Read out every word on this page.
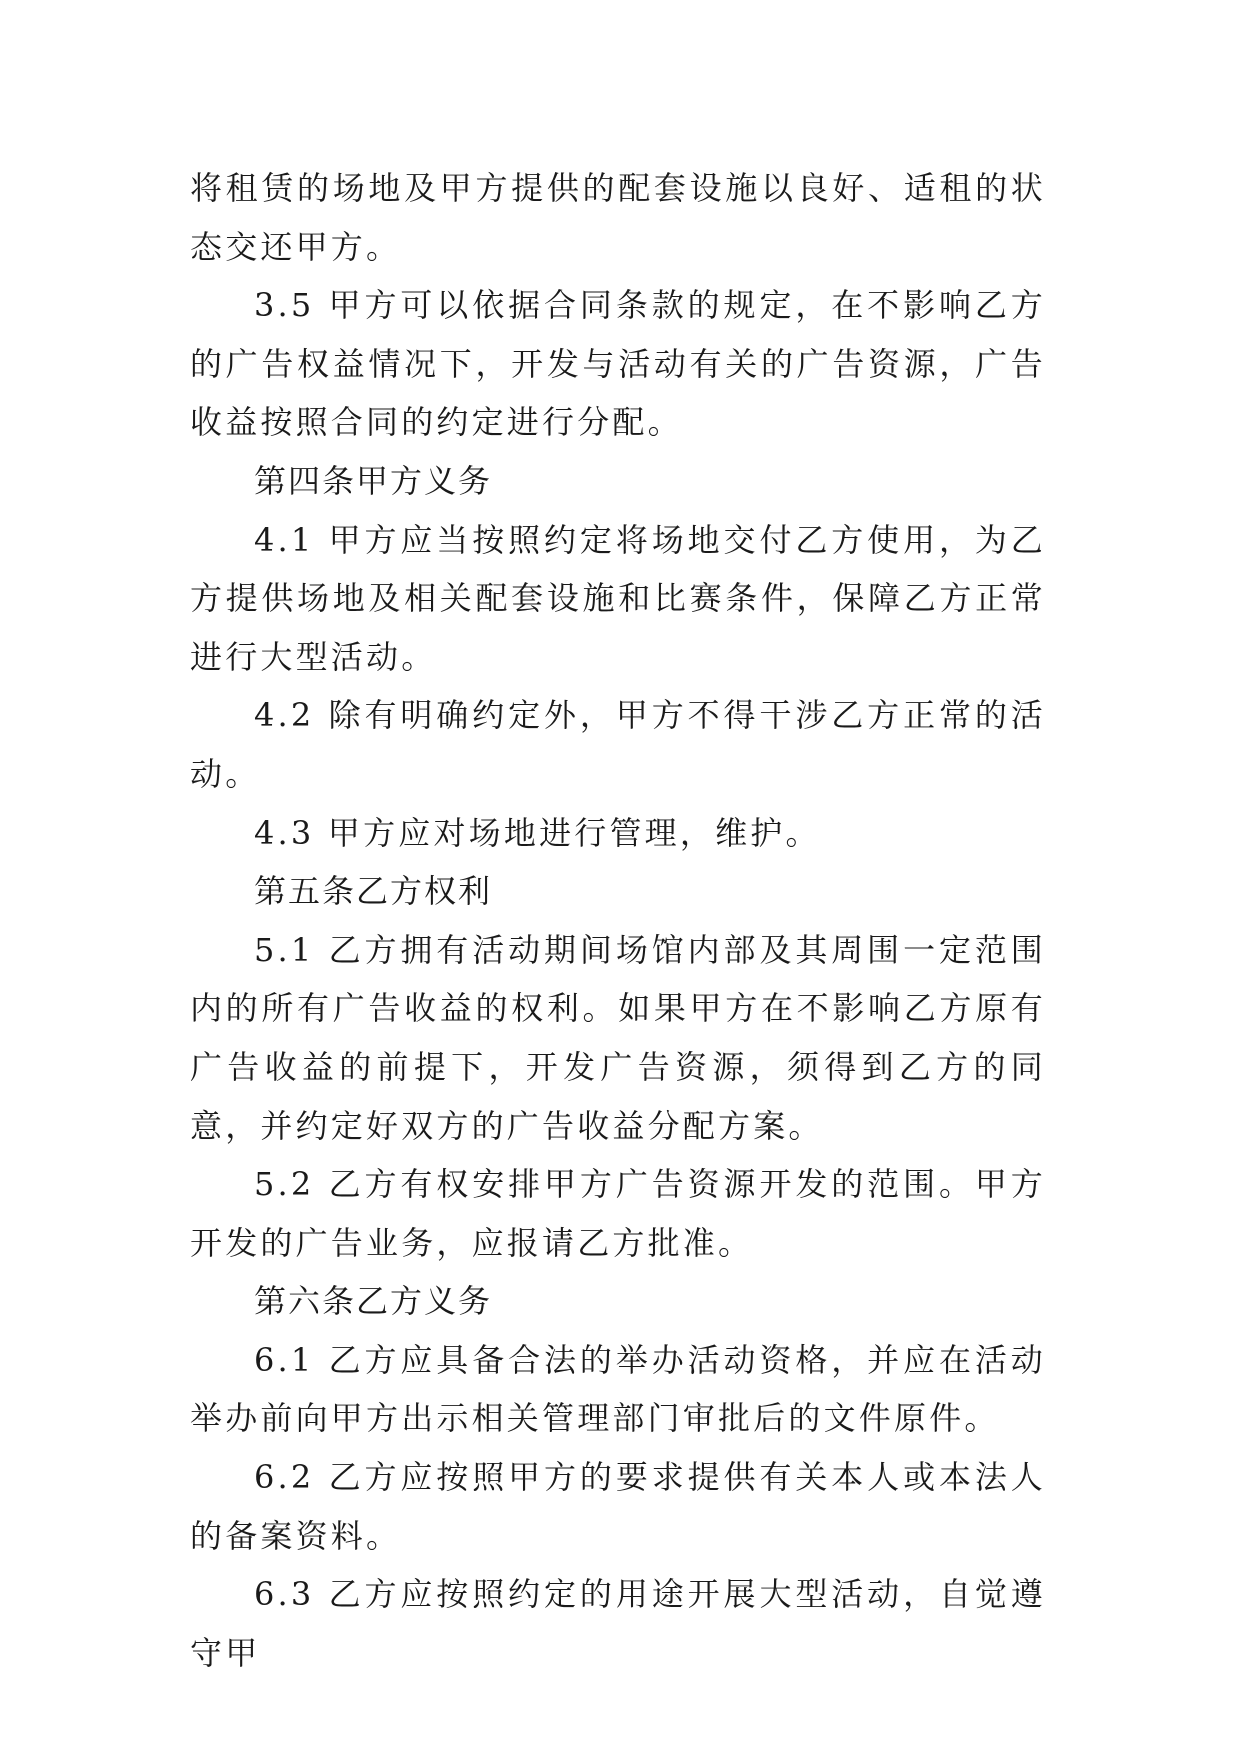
将租赁的场地及甲方提供的配套设施以良好、适租的状态交还甲方。

3.5 甲方可以依据合同条款的规定，在不影响乙方的广告权益情况下，开发与活动有关的广告资源，广告收益按照合同的约定进行分配。

第四条甲方义务

4.1 甲方应当按照约定将场地交付乙方使用，为乙方提供场地及相关配套设施和比赛条件，保障乙方正常进行大型活动。

4.2 除有明确约定外，甲方不得干涉乙方正常的活动。

4.3 甲方应对场地进行管理，维护。

第五条乙方权利

5.1 乙方拥有活动期间场馆内部及其周围一定范围内的所有广告收益的权利。如果甲方在不影响乙方原有广告收益的前提下，开发广告资源，须得到乙方的同意，并约定好双方的广告收益分配方案。

5.2 乙方有权安排甲方广告资源开发的范围。甲方开发的广告业务，应报请乙方批准。

第六条乙方义务

6.1 乙方应具备合法的举办活动资格，并应在活动举办前向甲方出示相关管理部门审批后的文件原件。

6.2 乙方应按照甲方的要求提供有关本人或本法人的备案资料。

6.3 乙方应按照约定的用途开展大型活动，自觉遵守甲
